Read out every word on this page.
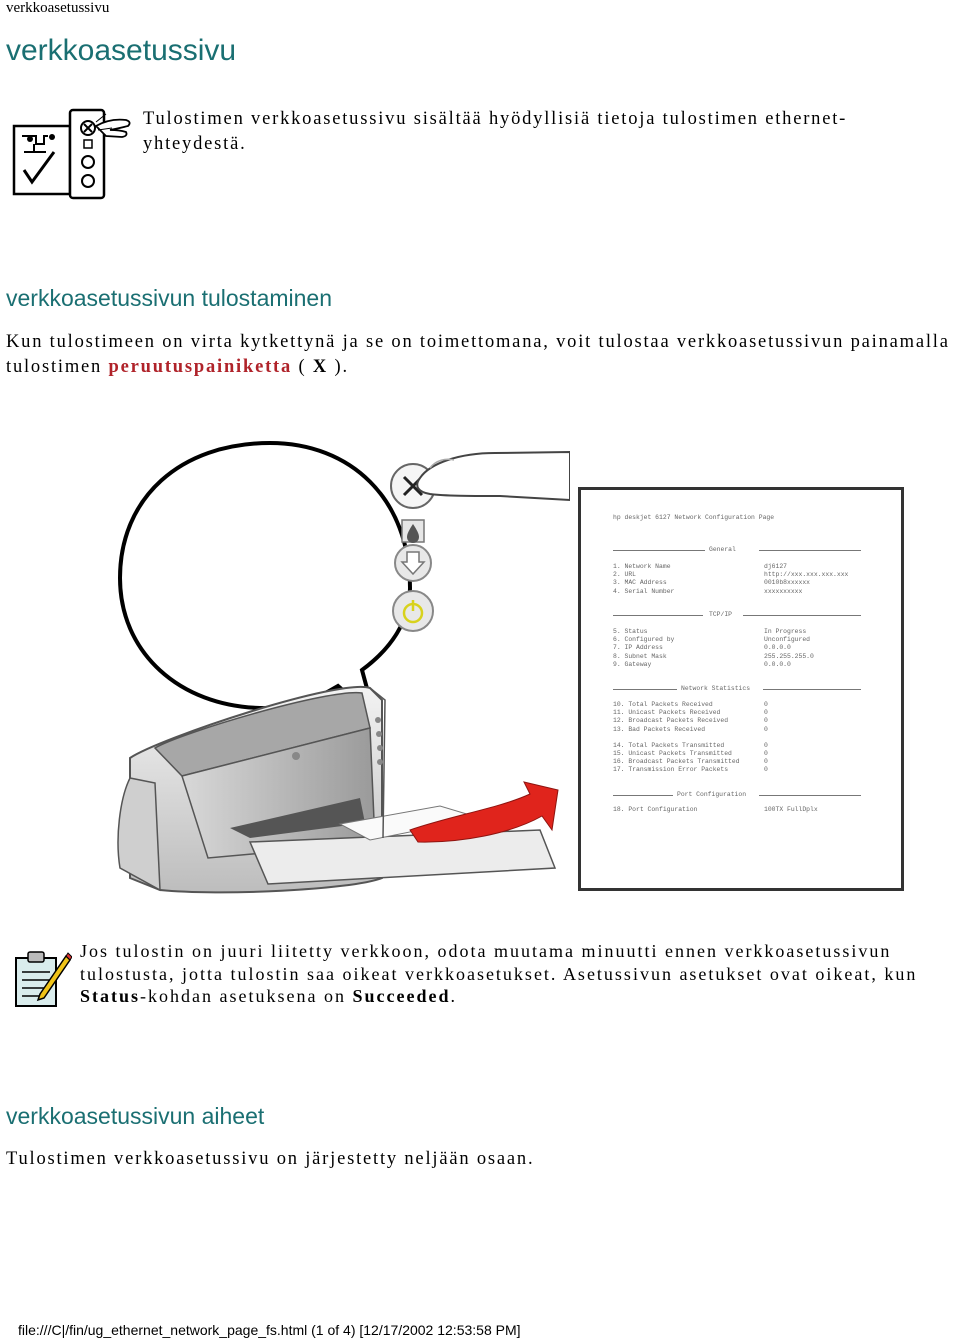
verkkoasetussivu
verkkoasetussivu
Tulostimen verkkoasetussivu sisältää hyödyllisiä tietoja tulostimen ethernet-yhteydestä.
verkkoasetussivun tulostaminen
Kun tulostimeen on virta kytkettynä ja se on toimettomana, voit tulostaa verkkoasetussivun painamalla tulostimen peruutuspainiketta ( X ).
hp deskjet 6127 Network Configuration Page
General
1. Network Name
2. URL
3. MAC Address
4. Serial Number
dj6127
http://xxx.xxx.xxx.xxx
0010b8xxxxxx
xxxxxxxxxx
TCP/IP
5. Status
6. Configured by
7. IP Address
8. Subnet Mask
9. Gateway
In Progress
Unconfigured
0.0.0.0
255.255.255.0
0.0.0.0
Network Statistics
10. Total Packets Received
11. Unicast Packets Received
12. Broadcast Packets Received
13. Bad Packets Received
14. Total Packets Transmitted
15. Unicast Packets Transmitted
16. Broadcast Packets Transmitted
17. Transmission Error Packets
0
0
0
0
0
0
0
0
Port Configuration
18. Port Configuration	100TX FullDplx
Jos tulostin on juuri liitetty verkkoon, odota muutama minuutti ennen verkkoasetussivun tulostusta, jotta tulostin saa oikeat verkkoasetukset. Asetussivun asetukset ovat oikeat, kun Status-kohdan asetuksena on Succeeded.
verkkoasetussivun aiheet
Tulostimen verkkoasetussivu on järjestetty neljään osaan.
file:///C|/fin/ug_ethernet_network_page_fs.html (1 of 4) [12/17/2002 12:53:58 PM]
